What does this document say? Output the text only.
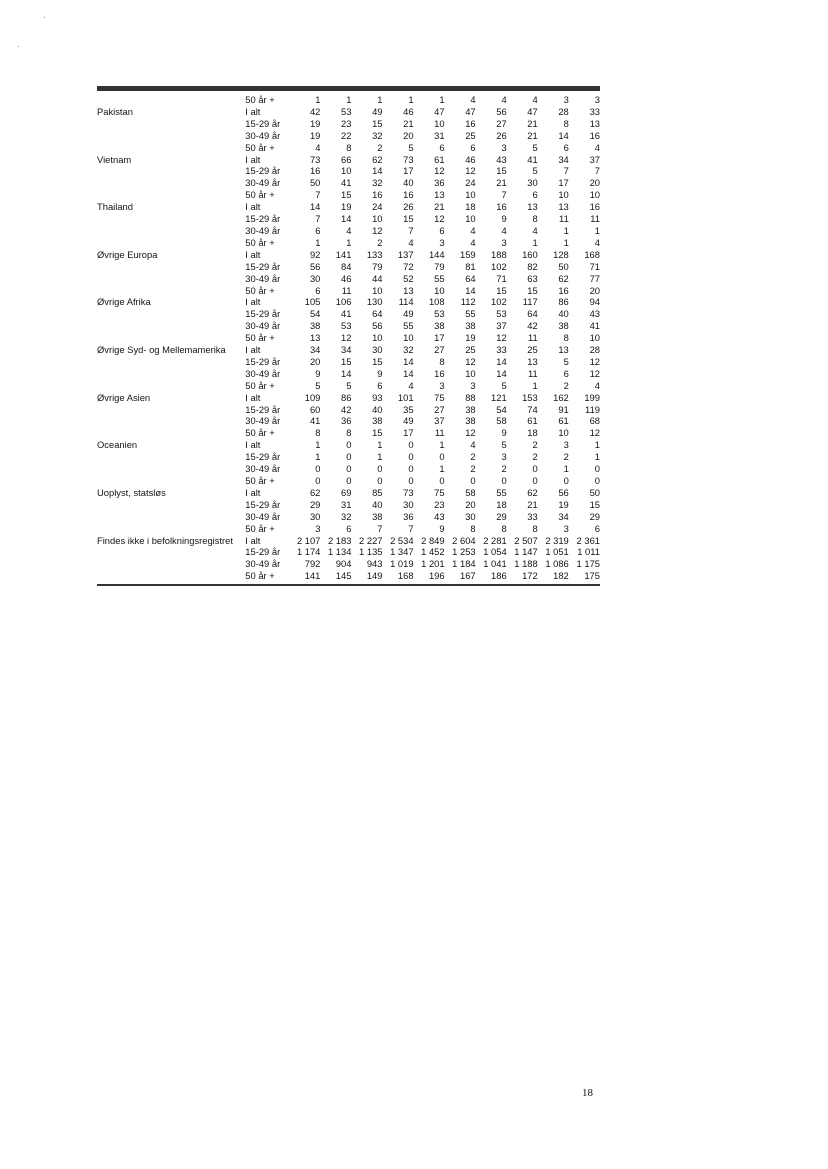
	50 år +	1	1	1	1	1	4	4	4	3	3
Pakistan	I alt	42	53	49	46	47	47	56	47	28	33
	15-29 år	19	23	15	21	10	16	27	21	8	13
	30-49 år	19	22	32	20	31	25	26	21	14	16
	50 år +	4	8	2	5	6	6	3	5	6	4
Vietnam	I alt	73	66	62	73	61	46	43	41	34	37
	15-29 år	16	10	14	17	12	12	15	5	7	7
	30-49 år	50	41	32	40	36	24	21	30	17	20
	50 år +	7	15	16	16	13	10	7	6	10	10
Thailand	I alt	14	19	24	26	21	18	16	13	13	16
	15-29 år	7	14	10	15	12	10	9	8	11	11
	30-49 år	6	4	12	7	6	4	4	4	1	1
	50 år +	1	1	2	4	3	4	3	1	1	4
Øvrige Europa	I alt	92	141	133	137	144	159	188	160	128	168
	15-29 år	56	84	79	72	79	81	102	82	50	71
	30-49 år	30	46	44	52	55	64	71	63	62	77
	50 år +	6	11	10	13	10	14	15	15	16	20
Øvrige Afrika	I alt	105	106	130	114	108	112	102	117	86	94
	15-29 år	54	41	64	49	53	55	53	64	40	43
	30-49 år	38	53	56	55	38	38	37	42	38	41
	50 år +	13	12	10	10	17	19	12	11	8	10
Øvrige Syd- og Mellemamerika	I alt	34	34	30	32	27	25	33	25	13	28
	15-29 år	20	15	15	14	8	12	14	13	5	12
	30-49 år	9	14	9	14	16	10	14	11	6	12
	50 år +	5	5	6	4	3	3	5	1	2	4
Øvrige Asien	I alt	109	86	93	101	75	88	121	153	162	199
	15-29 år	60	42	40	35	27	38	54	74	91	119
	30-49 år	41	36	38	49	37	38	58	61	61	68
	50 år +	8	8	15	17	11	12	9	18	10	12
Oceanien	I alt	1	0	1	0	1	4	5	2	3	1
	15-29 år	1	0	1	0	0	2	3	2	2	1
	30-49 år	0	0	0	0	1	2	2	0	1	0
	50 år +	0	0	0	0	0	0	0	0	0	0
Uoplyst, statsløs	I alt	62	69	85	73	75	58	55	62	56	50
	15-29 år	29	31	40	30	23	20	18	21	19	15
	30-49 år	30	32	38	36	43	30	29	33	34	29
	50 år +	3	6	7	7	9	8	8	8	3	6
Findes ikke i befolkningsregistret	I alt	2 107	2 183	2 227	2 534	2 849	2 604	2 281	2 507	2 319	2 361
	15-29 år	1 174	1 134	1 135	1 347	1 452	1 253	1 054	1 147	1 051	1 011
	30-49 år	792	904	943	1 019	1 201	1 184	1 041	1 188	1 086	1 175
	50 år +	141	145	149	168	196	167	186	172	182	175
18
